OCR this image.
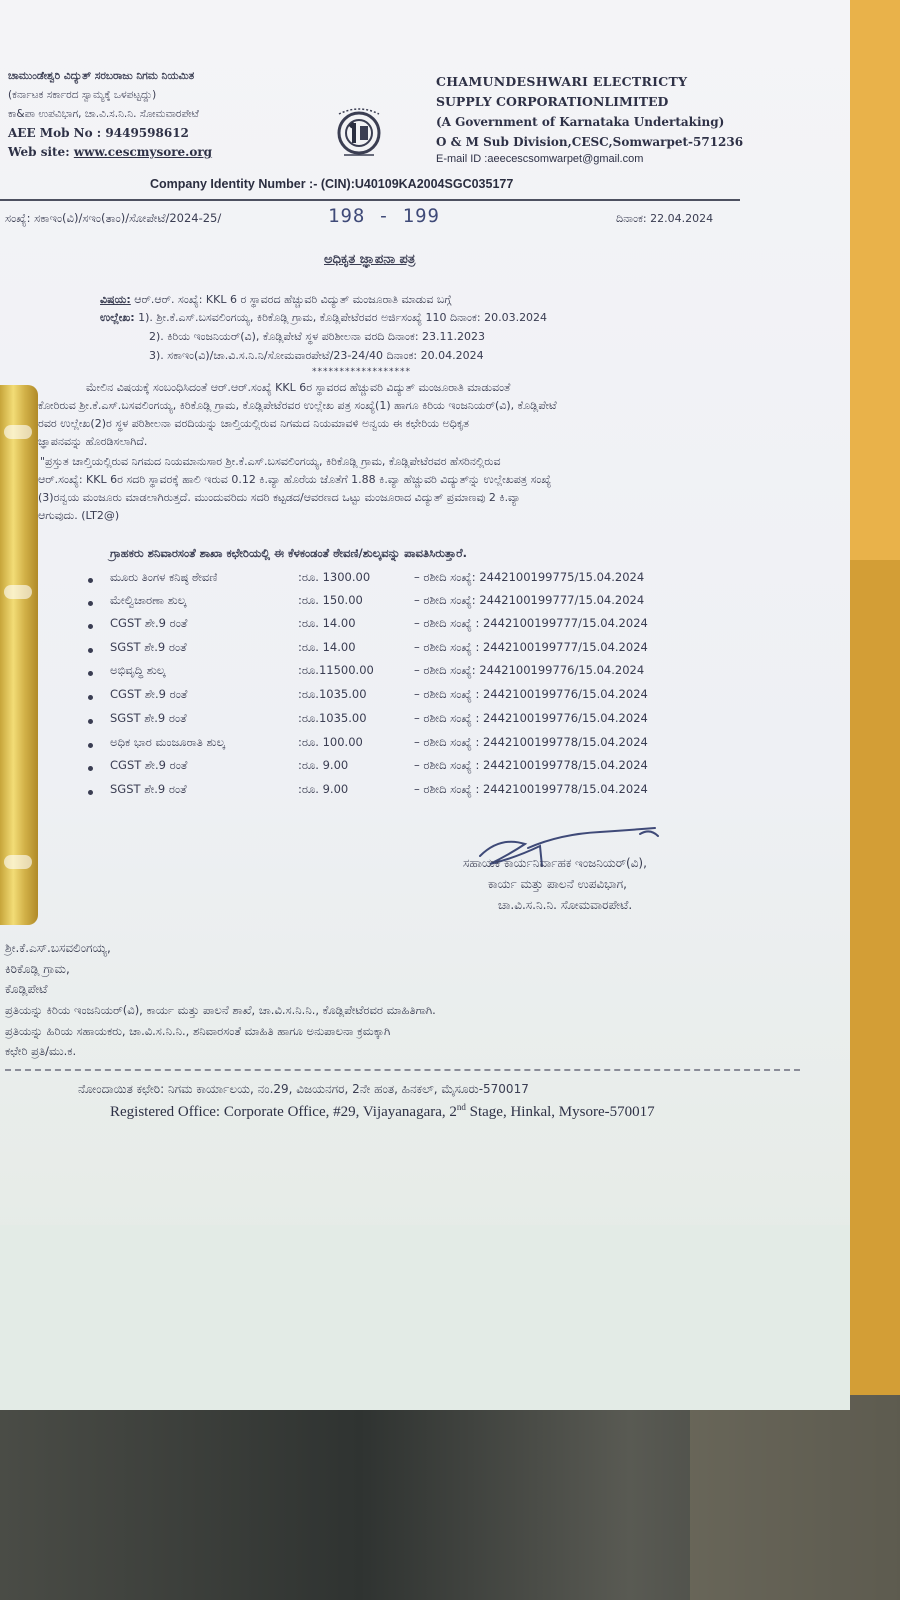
ಚಾಮುಂಡೇಶ್ವರಿ ವಿದ್ಯುತ್ ಸರಬರಾಜು ನಿಗಮ ನಿಯಮಿತ
(ಕರ್ನಾಟಕ ಸರ್ಕಾರದ ಸ್ವಾಮ್ಯಕ್ಕೆ ಒಳಪಟ್ಟದ್ದು)
ಕಾ&ಪಾ ಉಪವಿಭಾಗ, ಚಾ.ವಿ.ಸ.ನಿ.ನಿ. ಸೋಮವಾರಪೇಟೆ
AEE Mob No : 9449598612
Web site: www.cescmysore.org
CHAMUNDESHWARI ELECTRICTY
SUPPLY CORPORATIONLIMITED
(A Government of Karnataka Undertaking)
O & M Sub Division,CESC,Somwarpet-571236
E-mail ID :aeecescsomwarpet@gmail.com
Company Identity Number :- (CIN):U40109KA2004SGC035177
ಸಂಖ್ಯೆ: ಸಕಾಇಂ(ವಿ)/ಸಇಂ(ತಾಂ)/ಸೋಪೇಟೆ/2024-25/	198 - 199	ದಿನಾಂಕ: 22.04.2024
ಅಧಿಕೃತ ಜ್ಞಾಪನಾ ಪತ್ರ
ವಿಷಯ: ಆರ್.ಆರ್. ಸಂಖ್ಯೆ: KKL 6 ರ ಸ್ಥಾವರದ ಹೆಚ್ಚುವರಿ ವಿದ್ಯುತ್ ಮಂಜೂರಾತಿ ಮಾಡುವ ಬಗ್ಗೆ
ಉಲ್ಲೇಖ: 1). ಶ್ರೀ.ಕೆ.ಎಸ್.ಬಸವಲಿಂಗಯ್ಯ, ಕಿರಿಕೊಡ್ಲಿ ಗ್ರಾಮ, ಕೊಡ್ಲಿಪೇಟೆರವರ ಅರ್ಜಿಸಂಖ್ಯೆ 110 ದಿನಾಂಕ: 20.03.2024
2). ಕಿರಿಯ ಇಂಜನಿಯರ್(ವಿ), ಕೊಡ್ಲಿಪೇಟೆ ಸ್ಥಳ ಪರಿಶೀಲನಾ ವರದಿ ದಿನಾಂಕ: 23.11.2023
3). ಸಕಾಇಂ(ವಿ)/ಚಾ.ವಿ.ಸ.ನಿ.ನಿ/ಸೋಮವಾರಪೇಟೆ/23-24/40 ದಿನಾಂಕ: 20.04.2024
******************
ಮೇಲಿನ ವಿಷಯಕ್ಕೆ ಸಂಬಂಧಿಸಿದಂತೆ ಆರ್.ಆರ್.ಸಂಖ್ಯೆ KKL 6ರ ಸ್ಥಾವರದ ಹೆಚ್ಚುವರಿ ವಿದ್ಯುತ್ ಮಂಜೂರಾತಿ ಮಾಡುವಂತೆ
ಕೋರಿರುವ ಶ್ರೀ.ಕೆ.ಎಸ್.ಬಸವಲಿಂಗಯ್ಯ, ಕಿರಿಕೊಡ್ಲಿ ಗ್ರಾಮ, ಕೊಡ್ಲಿಪೇಟೆರವರ ಉಲ್ಲೇಖ ಪತ್ರ ಸಂಖ್ಯೆ(1) ಹಾಗೂ ಕಿರಿಯ ಇಂಜನಿಯರ್(ವಿ), ಕೊಡ್ಲಿಪೇಟೆ
ರವರ ಉಲ್ಲೇಖ(2)ರ ಸ್ಥಳ ಪರಿಶೀಲನಾ ವರದಿಯನ್ನು ಚಾಲ್ತಿಯಲ್ಲಿರುವ ನಿಗಮದ ನಿಯಮಾವಳಿ ಅನ್ವಯ ಈ ಕಛೇರಿಯ ಅಧಿಕೃತ
ಜ್ಞಾಪನವನ್ನು ಹೊರಡಿಸಲಾಗಿದೆ.
"ಪ್ರಸ್ತುತ ಚಾಲ್ತಿಯಲ್ಲಿರುವ ನಿಗಮದ ನಿಯಮಾನುಸಾರ ಶ್ರೀ.ಕೆ.ಎಸ್.ಬಸವಲಿಂಗಯ್ಯ, ಕಿರಿಕೊಡ್ಲಿ ಗ್ರಾಮ, ಕೊಡ್ಲಿಪೇಟೆರವರ ಹೆಸರಿನಲ್ಲಿರುವ
ಆರ್.ಸಂಖ್ಯೆ: KKL 6ರ ಸದರಿ ಸ್ಥಾವರಕ್ಕೆ ಹಾಲಿ ಇರುವ 0.12 ಕಿ.ವ್ಯಾ ಹೊರೆಯ ಜೊತೆಗೆ 1.88 ಕಿ.ವ್ಯಾ ಹೆಚ್ಚುವರಿ ವಿದ್ಯುತ್‌ನ್ನು ಉಲ್ಲೇಖಪತ್ರ ಸಂಖ್ಯೆ
(3)ರನ್ವಯ ಮಂಜೂರು ಮಾಡಲಾಗಿರುತ್ತದೆ. ಮುಂದುವರಿದು ಸದರಿ ಕಟ್ಟಡದ/ಆವರಣದ ಒಟ್ಟು ಮಂಜೂರಾದ ವಿದ್ಯುತ್ ಪ್ರಮಾಣವು 2 ಕಿ.ವ್ಯಾ
ಆಗುವುದು. (LT2@)
ಗ್ರಾಹಕರು ಶನಿವಾರಸಂತೆ ಶಾಖಾ ಕಛೇರಿಯಲ್ಲಿ ಈ ಕೆಳಕಂಡಂತೆ ಠೇವಣಿ/ಶುಲ್ಕವನ್ನು ಪಾವತಿಸಿರುತ್ತಾರೆ.
ಮೂರು ತಿಂಗಳ ಕನಿಷ್ಠ ಠೇವಣಿ	:ರೂ. 1300.00	– ರಶೀದಿ ಸಂಖ್ಯೆ: 2442100199775/15.04.2024
ಮೇಲ್ವಿಚಾರಣಾ ಶುಲ್ಕ	:ರೂ. 150.00	– ರಶೀದಿ ಸಂಖ್ಯೆ: 2442100199777/15.04.2024
CGST ಶೇ.9 ರಂತೆ	:ರೂ. 14.00	– ರಶೀದಿ ಸಂಖ್ಯೆ : 2442100199777/15.04.2024
SGST ಶೇ.9 ರಂತೆ	:ರೂ. 14.00	– ರಶೀದಿ ಸಂಖ್ಯೆ : 2442100199777/15.04.2024
ಅಭಿವೃದ್ಧಿ ಶುಲ್ಕ	:ರೂ.11500.00	– ರಶೀದಿ ಸಂಖ್ಯೆ: 2442100199776/15.04.2024
CGST ಶೇ.9 ರಂತೆ	:ರೂ.1035.00	– ರಶೀದಿ ಸಂಖ್ಯೆ : 2442100199776/15.04.2024
SGST ಶೇ.9 ರಂತೆ	:ರೂ.1035.00	– ರಶೀದಿ ಸಂಖ್ಯೆ : 2442100199776/15.04.2024
ಅಧಿಕ ಭಾರ ಮಂಜೂರಾತಿ ಶುಲ್ಕ	:ರೂ. 100.00	– ರಶೀದಿ ಸಂಖ್ಯೆ : 2442100199778/15.04.2024
CGST ಶೇ.9 ರಂತೆ	:ರೂ. 9.00	– ರಶೀದಿ ಸಂಖ್ಯೆ : 2442100199778/15.04.2024
SGST ಶೇ.9 ರಂತೆ	:ರೂ. 9.00	– ರಶೀದಿ ಸಂಖ್ಯೆ : 2442100199778/15.04.2024
ಸಹಾಯಕ ಕಾರ್ಯನಿರ್ವಾಹಕ ಇಂಜನಿಯರ್(ವಿ),
ಕಾರ್ಯ ಮತ್ತು ಪಾಲನೆ ಉಪವಿಭಾಗ,
ಚಾ.ವಿ.ಸ.ನಿ.ನಿ. ಸೋಮವಾರಪೇಟೆ.
ಶ್ರೀ.ಕೆ.ಎಸ್.ಬಸವಲಿಂಗಯ್ಯ,
ಕಿರಿಕೊಡ್ಲಿ ಗ್ರಾಮ,
ಕೊಡ್ಲಿಪೇಟೆ
ಪ್ರತಿಯನ್ನು ಕಿರಿಯ ಇಂಜನಿಯರ್(ವಿ), ಕಾರ್ಯ ಮತ್ತು ಪಾಲನೆ ಶಾಖೆ, ಚಾ.ವಿ.ಸ.ನಿ.ನಿ., ಕೊಡ್ಲಿಪೇಟೆರವರ ಮಾಹಿತಿಗಾಗಿ.
ಪ್ರತಿಯನ್ನು ಹಿರಿಯ ಸಹಾಯಕರು, ಚಾ.ವಿ.ಸ.ನಿ.ನಿ., ಶನಿವಾರಸಂತೆ ಮಾಹಿತಿ ಹಾಗೂ ಅನುಪಾಲನಾ ಕ್ರಮಕ್ಕಾಗಿ
ಕಛೇರಿ ಪ್ರತಿ/ಮು.ಕ.
ನೋಂದಾಯಿತ ಕಛೇರಿ: ನಿಗಮ ಕಾರ್ಯಾಲಯ, ನಂ.29, ವಿಜಯನಗರ, 2ನೇ ಹಂತ, ಹಿನಕಲ್, ಮೈಸೂರು-570017
Registered Office: Corporate Office, #29, Vijayanagara, 2nd Stage, Hinkal, Mysore-570017
